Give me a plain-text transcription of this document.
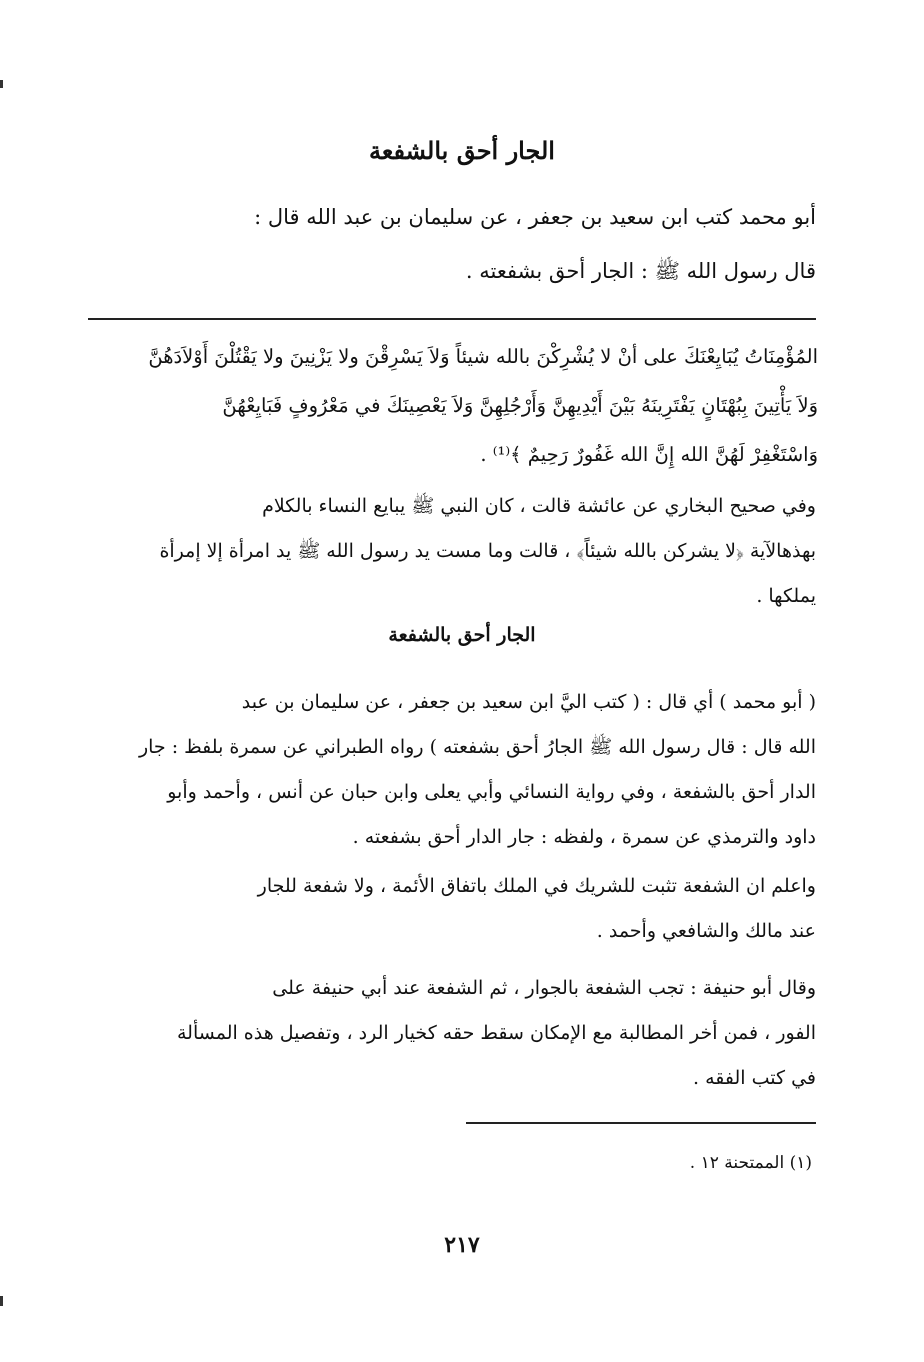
الجار أحق بالشفعة
أبو محمد كتب ابن سعيد بن جعفر ، عن سليمان بن عبد الله قال :
قال رسول الله ﷺ : الجار أحق بشفعته .
المُؤْمِنَاتُ يُبَايِعْنَكَ على أنْ لا يُشْرِكْنَ بالله شيئاً وَلاَ يَسْرِقْنَ ولا يَزْنِينَ ولا يَقْتُلْنَ أَوْلاَدَهُنَّ
وَلاَ يَأْتِينَ بِبُهْتَانٍ يَفْتَرِينَهُ بَيْنَ أَيْدِيهِنَّ وَأَرْجُلِهِنَّ وَلاَ يَعْصِينَكَ في مَعْرُوفٍ فَبَايِعْهُنَّ
وَاسْتَغْفِرْ لَهُنَّ الله إِنَّ الله غَفُورٌ رَحِيمٌ ﴾⁽¹⁾ .
وفي صحيح البخاري عن عائشة قالت ، كان النبي ﷺ يبايع النساء بالكلام
بهذهالآية ﴿لا يشركن بالله شيئاً﴾ ، قالت وما مست يد رسول الله ﷺ يد امرأة إلا إمرأة
يملكها .
الجار أحق بالشفعة
( أبو محمد ) أي قال : ( كتب اليَّ ابن سعيد بن جعفر ، عن سليمان بن عبد
الله قال : قال رسول الله ﷺ الجارُ أحق بشفعته ) رواه الطبراني عن سمرة بلفظ : جار
الدار أحق بالشفعة ، وفي رواية النسائي وأبي يعلى وابن حبان عن أنس ، وأحمد وأبو
داود والترمذي عن سمرة ، ولفظه : جار الدار أحق بشفعته .
واعلم ان الشفعة تثبت للشريك في الملك باتفاق الأئمة ، ولا شفعة للجار
عند مالك والشافعي وأحمد .
وقال أبو حنيفة : تجب الشفعة بالجوار ، ثم الشفعة عند أبي حنيفة على
الفور ، فمن أخر المطالبة مع الإمكان سقط حقه كخيار الرد ، وتفصيل هذه المسألة
في كتب الفقه .
(١) الممتحنة ١٢ .
٢١٧
